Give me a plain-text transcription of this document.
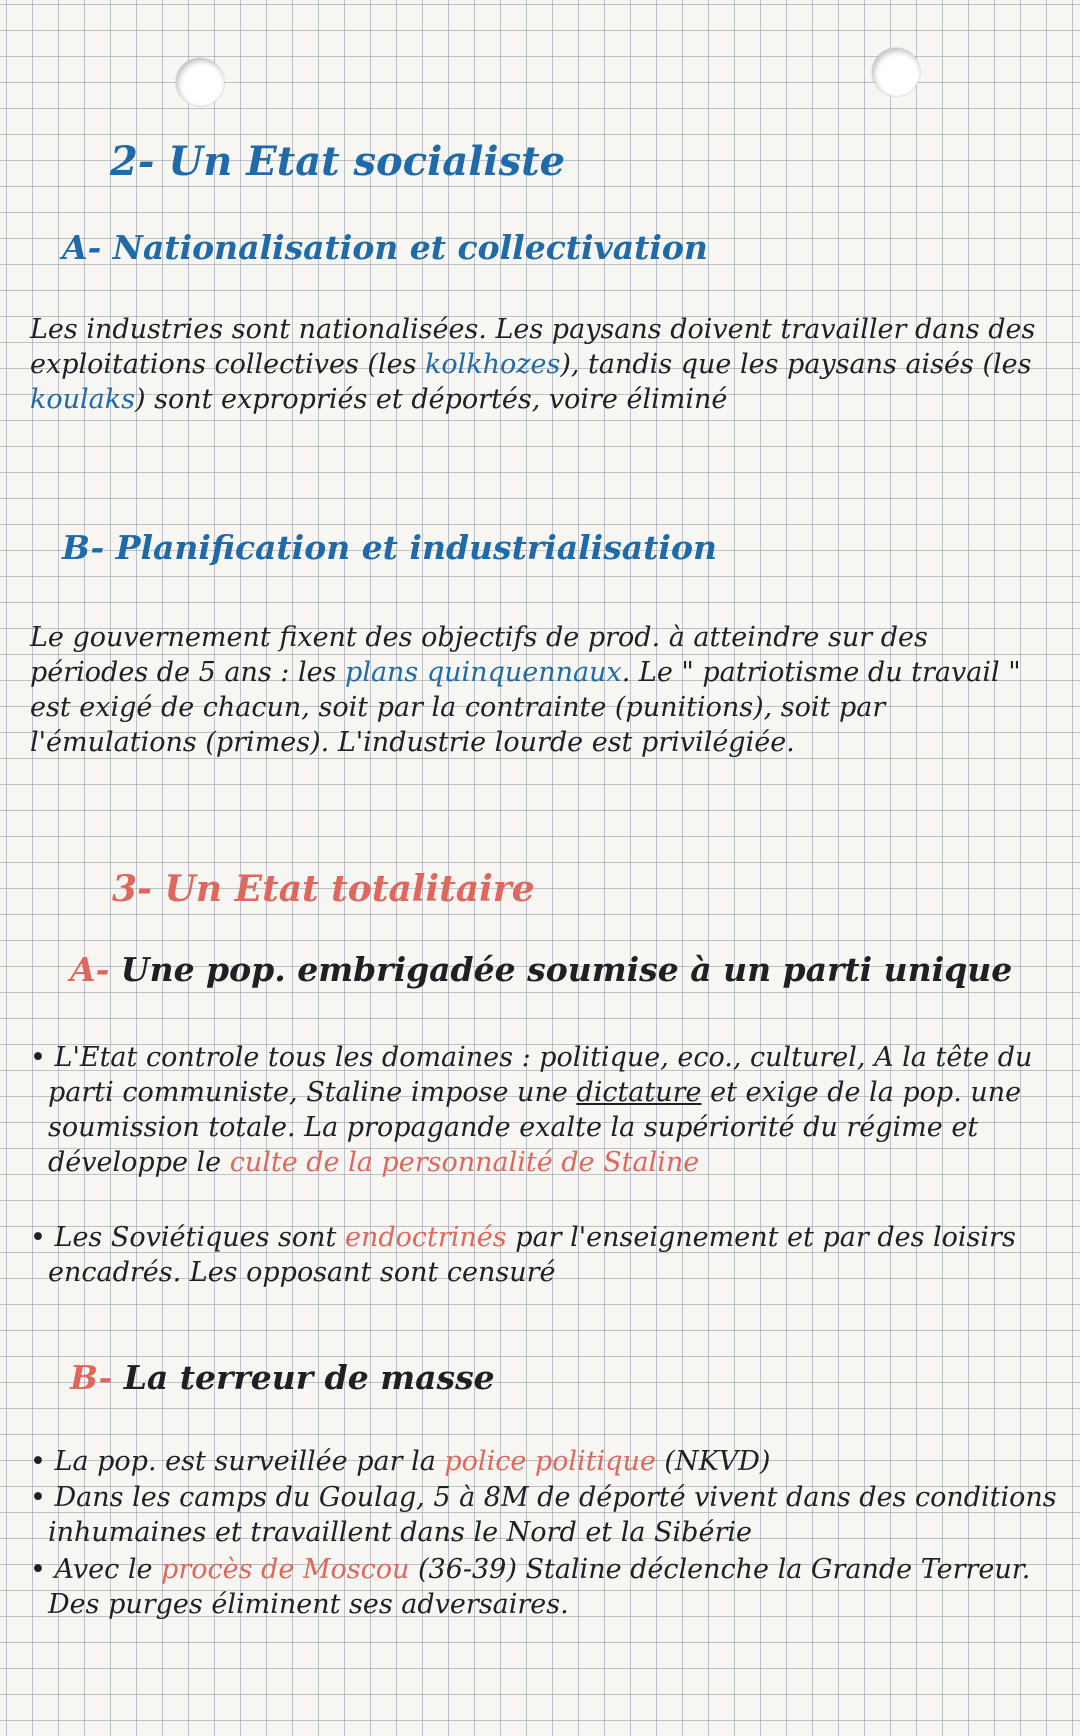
2- Un Etat socialiste
A- Nationalisation et collectivation

Les industries sont nationalisées. Les paysans doivent travailler dans des exploitations collectives (les kolkhozes), tandis que les paysans aisés (les koulaks) sont expropriés et déportés, voire éliminé

B- Planification et industrialisation

Le gouvernement fixent des objectifs de prod. à atteindre sur des périodes de 5 ans : les plans quinquennaux. Le " patriotisme du travail " est exigé de chacun, soit par la contrainte (punitions), soit par l'émulations (primes). L'industrie lourde est privilégiée.

3- Un Etat totalitaire
A- Une pop. embrigadée soumise à un parti unique

• L'Etat controle tous les domaines : politique, eco., culturel, A la tête du parti communiste, Staline impose une dictature et exige de la pop. une soumission totale. La propagande exalte la supériorité du régime et développe le culte de la personnalité de Staline

• Les Soviétiques sont endoctrinés par l'enseignement et par des loisirs encadrés. Les opposant sont censuré

B- La terreur de masse

• La pop. est surveillée par la police politique (NKVD)

• Dans les camps du Goulag, 5 à 8M de déporté vivent dans des conditions inhumaines et travaillent dans le Nord et la Sibérie

• Avec le procès de Moscou (36-39) Staline déclenche la Grande Terreur. Des purges éliminent ses adversaires.
